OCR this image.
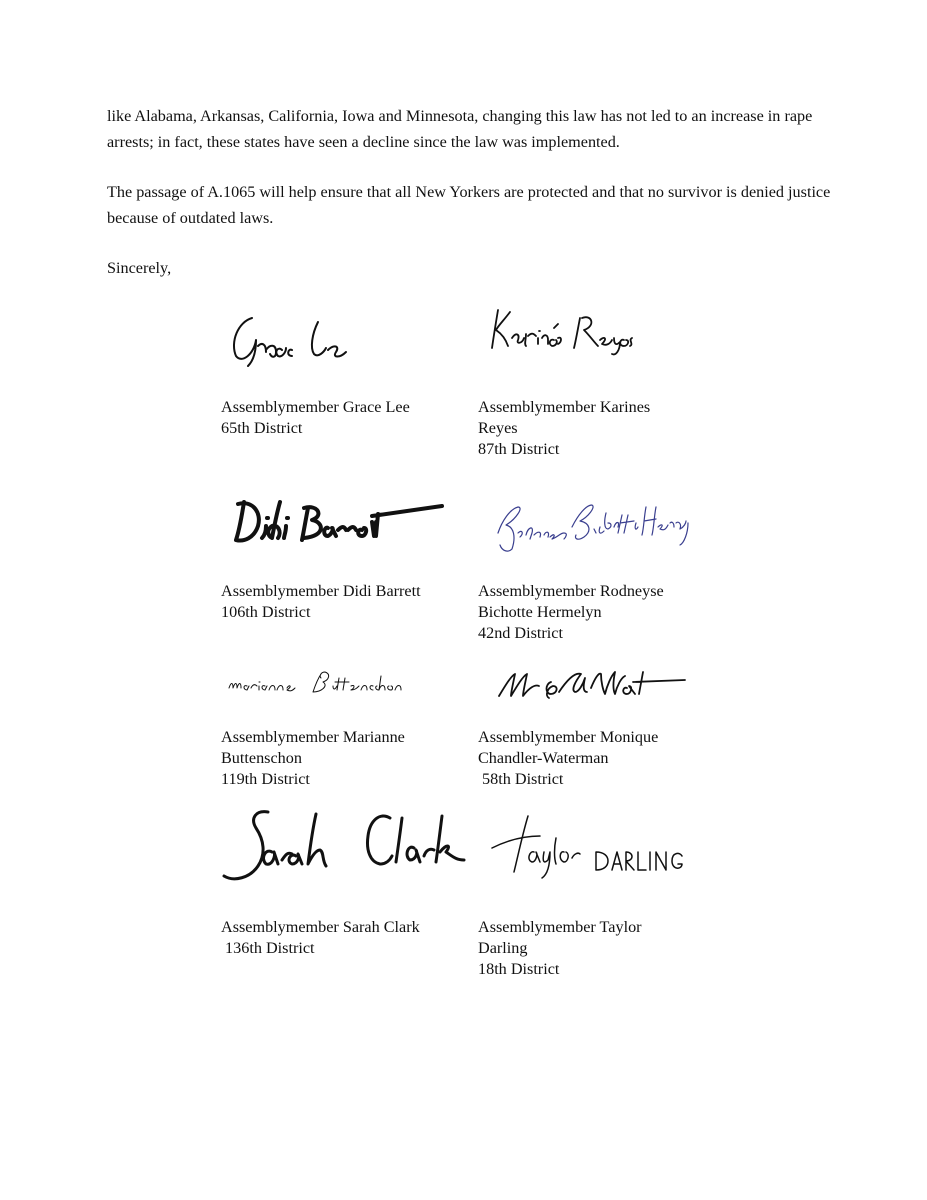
like Alabama, Arkansas, California, Iowa and Minnesota, changing this law has not led to an increase in rape arrests; in fact, these states have seen a decline since the law was implemented.

The passage of A.1065 will help ensure that all New Yorkers are protected and that no survivor is denied justice because of outdated laws.

Sincerely,

Assemblymember Grace Lee
65th District
Assemblymember Karines
Reyes
87th District
Assemblymember Didi Barrett
106th District
Assemblymember Rodneyse
Bichotte Hermelyn
42nd District
Assemblymember Marianne
Buttenschon
119th District
Assemblymember Monique
Chandler-Waterman
58th District
Assemblymember Sarah Clark
136th District
Assemblymember Taylor
Darling
18th District
